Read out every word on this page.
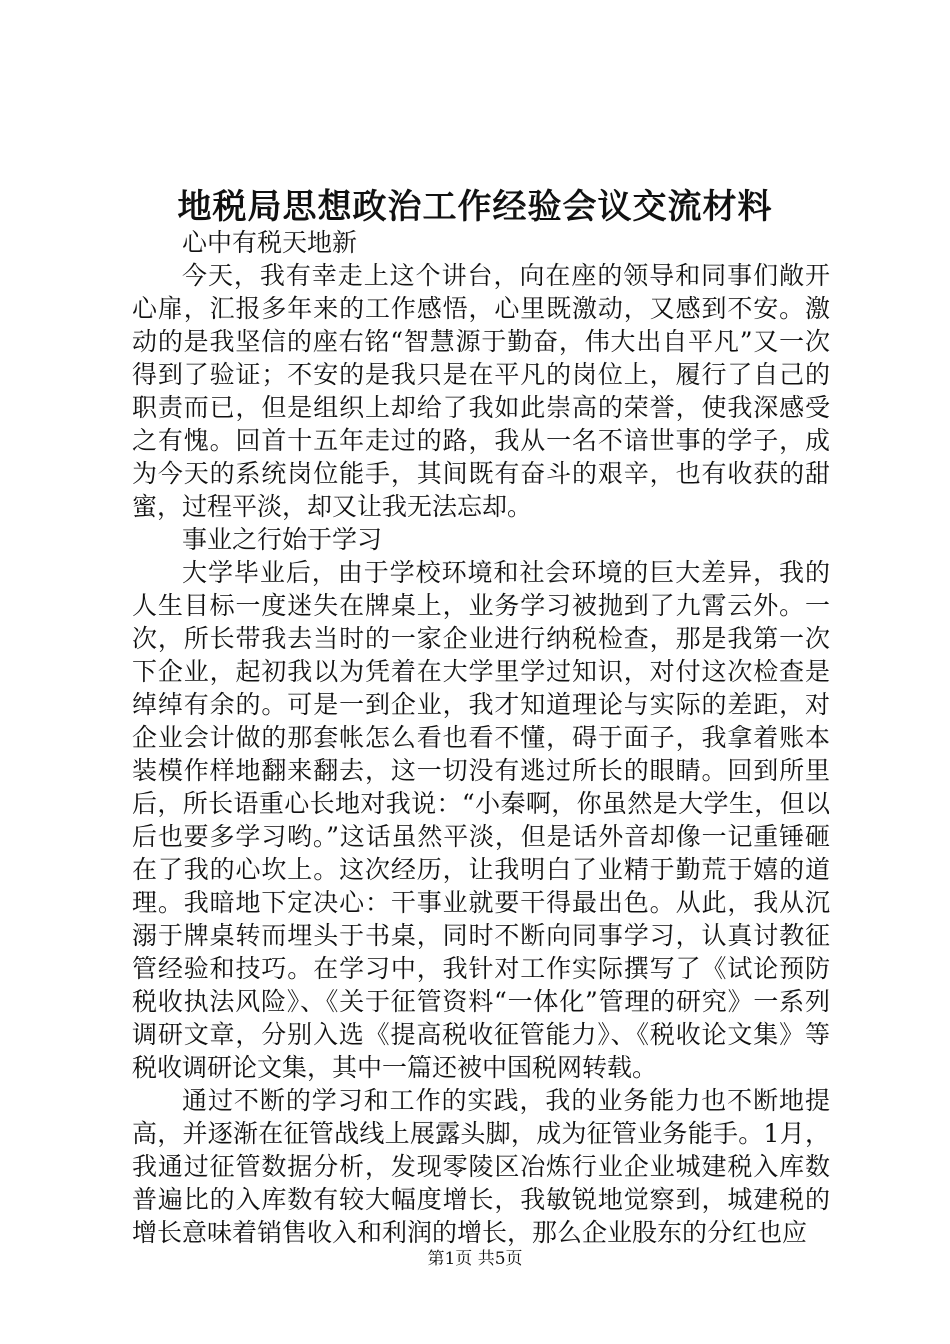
地税局思想政治工作经验会议交流材料

心中有税天地新

今天，我有幸走上这个讲台，向在座的领导和同事们敞开心扉，汇报多年来的工作感悟，心里既激动，又感到不安。激动的是我坚信的座右铭“智慧源于勤奋，伟大出自平凡”又一次得到了验证；不安的是我只是在平凡的岗位上，履行了自己的职责而已，但是组织上却给了我如此崇高的荣誉，使我深感受之有愧。回首十五年走过的路，我从一名不谙世事的学子，成为今天的系统岗位能手，其间既有奋斗的艰辛，也有收获的甜蜜，过程平淡，却又让我无法忘却。

事业之行始于学习

大学毕业后，由于学校环境和社会环境的巨大差异，我的人生目标一度迷失在牌桌上，业务学习被抛到了九霄云外。一次，所长带我去当时的一家企业进行纳税检查，那是我第一次下企业，起初我以为凭着在大学里学过知识，对付这次检查是绰绰有余的。可是一到企业，我才知道理论与实际的差距，对企业会计做的那套帐怎么看也看不懂，碍于面子，我拿着账本装模作样地翻来翻去，这一切没有逃过所长的眼睛。回到所里后，所长语重心长地对我说：“小秦啊，你虽然是大学生，但以后也要多学习哟。”这话虽然平淡，但是话外音却像一记重锤砸在了我的心坎上。这次经历，让我明白了业精于勤荒于嬉的道理。我暗地下定决心：干事业就要干得最出色。从此，我从沉溺于牌桌转而埋头于书桌，同时不断向同事学习，认真讨教征管经验和技巧。在学习中，我针对工作实际撰写了《试论预防税收执法风险》、《关于征管资料“一体化”管理的研究》一系列调研文章，分别入选《提高税收征管能力》、《税收论文集》等税收调研论文集，其中一篇还被中国税网转载。

通过不断的学习和工作的实践，我的业务能力也不断地提高，并逐渐在征管战线上展露头脚，成为征管业务能手。1月，我通过征管数据分析，发现零陵区冶炼行业企业城建税入库数普遍比的入库数有较大幅度增长，我敏锐地觉察到，城建税的增长意味着销售收入和利润的增长，那么企业股东的分红也应

第1页 共5页
